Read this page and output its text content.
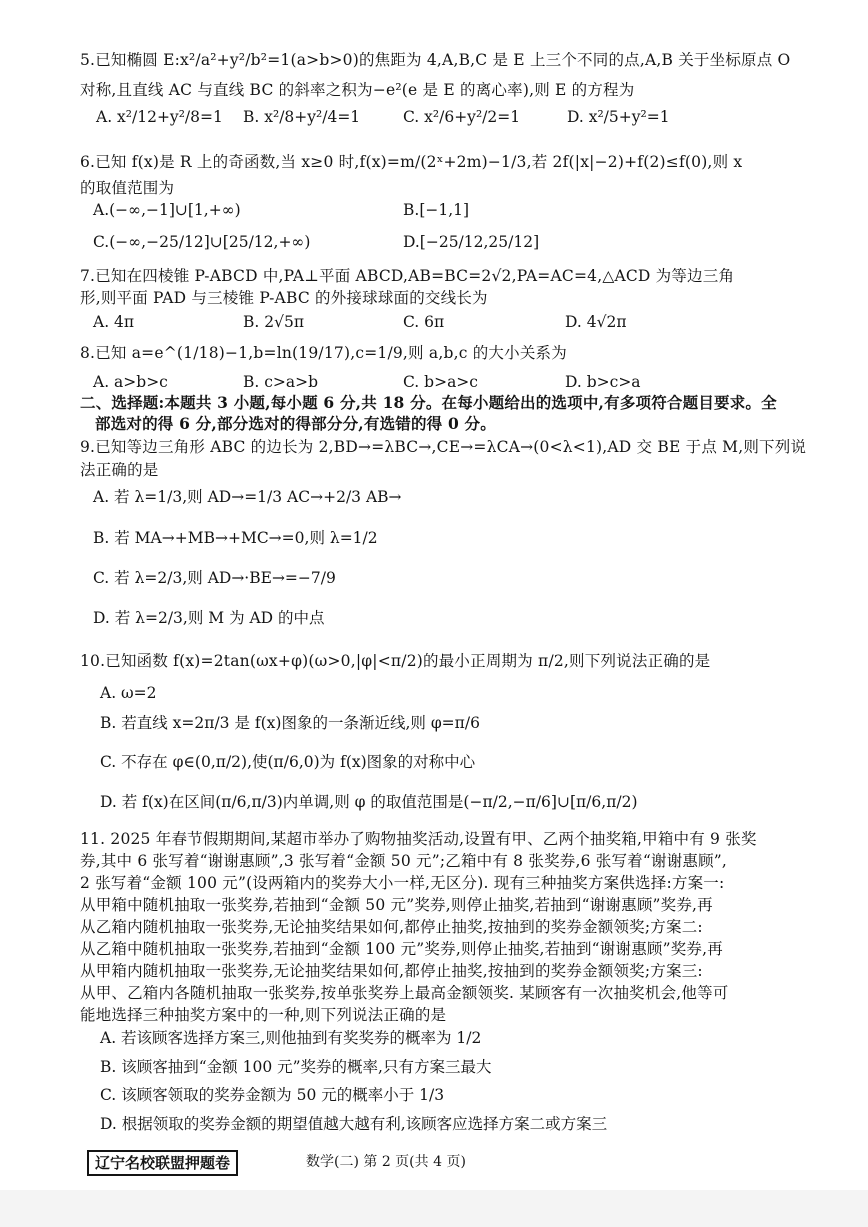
5.已知椭圆 E:x²/a²+y²/b²=1(a>b>0)的焦距为 4,A,B,C 是 E 上三个不同的点,A,B 关于坐标原点 O
对称,且直线 AC 与直线 BC 的斜率之积为−e²(e 是 E 的离心率),则 E 的方程为
A. x²/12+y²/8=1 B. x²/8+y²/4=1	C. x²/6+y²/2=1	D. x²/5+y²=1
6.已知 f(x)是 R 上的奇函数,当 x≥0 时,f(x)=m/(2ˣ+2m)−1/3,若 2f(|x|−2)+f(2)≤f(0),则 x
的取值范围为
A.(−∞,−1]∪[1,+∞)	B.[−1,1]
C.(−∞,−25/12]∪[25/12,+∞)	D.[−25/12,25/12]
7.已知在四棱锥 P-ABCD 中,PA⊥平面 ABCD,AB=BC=2√2,PA=AC=4,△ACD 为等边三角
形,则平面 PAD 与三棱锥 P-ABC 的外接球球面的交线长为
A. 4π	B. 2√5π	C. 6π	D. 4√2π
8.已知 a=e^(1/18)−1,b=ln(19/17),c=1/9,则 a,b,c 的大小关系为
A. a>b>c	B. c>a>b	C. b>a>c	D. b>c>a
二、选择题:本题共 3 小题,每小题 6 分,共 18 分。在每小题给出的选项中,有多项符合题目要求。全
部选对的得 6 分,部分选对的得部分分,有选错的得 0 分。
9.已知等边三角形 ABC 的边长为 2,BD→=λBC→,CE→=λCA→(0<λ<1),AD 交 BE 于点 M,则下列说
法正确的是
A. 若 λ=1/3,则 AD→=1/3 AC→+2/3 AB→
B. 若 MA→+MB→+MC→=0,则 λ=1/2
C. 若 λ=2/3,则 AD→·BE→=−7/9
D. 若 λ=2/3,则 M 为 AD 的中点
10.已知函数 f(x)=2tan(ωx+φ)(ω>0,|φ|<π/2)的最小正周期为 π/2,则下列说法正确的是
A. ω=2
B. 若直线 x=2π/3 是 f(x)图象的一条渐近线,则 φ=π/6
C. 不存在 φ∈(0,π/2),使(π/6,0)为 f(x)图象的对称中心
D. 若 f(x)在区间(π/6,π/3)内单调,则 φ 的取值范围是(−π/2,−π/6]∪[π/6,π/2)
11. 2025 年春节假期期间,某超市举办了购物抽奖活动,设置有甲、乙两个抽奖箱,甲箱中有 9 张奖
券,其中 6 张写着“谢谢惠顾”,3 张写着“金额 50 元”;乙箱中有 8 张奖券,6 张写着“谢谢惠顾”,
2 张写着“金额 100 元”(设两箱内的奖券大小一样,无区分). 现有三种抽奖方案供选择:方案一:
从甲箱中随机抽取一张奖券,若抽到“金额 50 元”奖券,则停止抽奖,若抽到“谢谢惠顾”奖券,再
从乙箱内随机抽取一张奖券,无论抽奖结果如何,都停止抽奖,按抽到的奖券金额领奖;方案二:
从乙箱中随机抽取一张奖券,若抽到“金额 100 元”奖券,则停止抽奖,若抽到“谢谢惠顾”奖券,再
从甲箱内随机抽取一张奖券,无论抽奖结果如何,都停止抽奖,按抽到的奖券金额领奖;方案三:
从甲、乙箱内各随机抽取一张奖券,按单张奖券上最高金额领奖. 某顾客有一次抽奖机会,他等可
能地选择三种抽奖方案中的一种,则下列说法正确的是
A. 若该顾客选择方案三,则他抽到有奖奖券的概率为 1/2
B. 该顾客抽到“金额 100 元”奖券的概率,只有方案三最大
C. 该顾客领取的奖券金额为 50 元的概率小于 1/3
D. 根据领取的奖券金额的期望值越大越有利,该顾客应选择方案二或方案三
辽宁名校联盟押题卷	数学(二) 第 2 页(共 4 页)
